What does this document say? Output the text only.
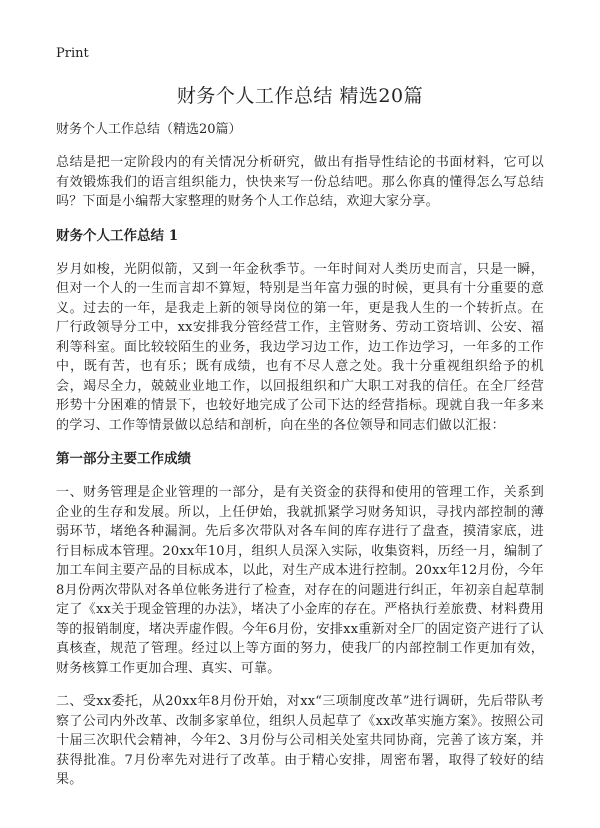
Print
财务个人工作总结 精选20篇

财务个人工作总结（精选20篇）

总结是把一定阶段内的有关情况分析研究，做出有指导性结论的书面材料，它可以有效锻炼我们的语言组织能力，快快来写一份总结吧。那么你真的懂得怎么写总结吗？下面是小编帮大家整理的财务个人工作总结，欢迎大家分享。

财务个人工作总结 1

岁月如梭，光阴似箭，又到一年金秋季节。一年时间对人类历史而言，只是一瞬，但对一个人的一生而言却不算短，特别是当年富力强的时候，更具有十分重要的意义。过去的一年，是我走上新的领导岗位的第一年，更是我人生的一个转折点。在厂行政领导分工中，xx安排我分管经营工作，主管财务、劳动工资培训、公安、福利等科室。面比较较陌生的业务，我边学习边工作，边工作边学习，一年多的工作中，既有苦，也有乐；既有成绩，也有不尽人意之处。我十分重视组织给予的机会，竭尽全力，兢兢业业地工作，以回报组织和广大职工对我的信任。在全厂经营形势十分困难的情景下，也较好地完成了公司下达的经营指标。现就自我一年多来的学习、工作等情景做以总结和剖析，向在坐的各位领导和同志们做以汇报：

第一部分主要工作成绩

一、财务管理是企业管理的一部分，是有关资金的获得和使用的管理工作，关系到企业的生存和发展。所以，上任伊始，我就抓紧学习财务知识，寻找内部控制的薄弱环节，堵绝各种漏洞。先后多次带队对各车间的库存进行了盘查，摸清家底，进行目标成本管理。20xx年10月，组织人员深入实际，收集资料，历经一月，编制了加工车间主要产品的目标成本，以此，对生产成本进行控制。20xx年12月份，今年8月份两次带队对各单位帐务进行了检查，对存在的问题进行纠正，年初亲自起草制定了《xx关于现金管理的办法》，堵决了小金库的存在。严格执行差旅费、材料费用等的报销制度，堵决弄虚作假。今年6月份，安排xx重新对全厂的固定资产进行了认真核查，规范了管理。经过以上等方面的努力，使我厂的内部控制工作更加有效，财务核算工作更加合理、真实、可靠。

二、受xx委托，从20xx年8月份开始，对xx“三项制度改革”进行调研，先后带队考察了公司内外改革、改制多家单位，组织人员起草了《xx改革实施方案》。按照公司十届三次职代会精神，今年2、3月份与公司相关处室共同协商，完善了该方案，并获得批准。7月份率先对进行了改革。由于精心安排，周密布署，取得了较好的结果。
